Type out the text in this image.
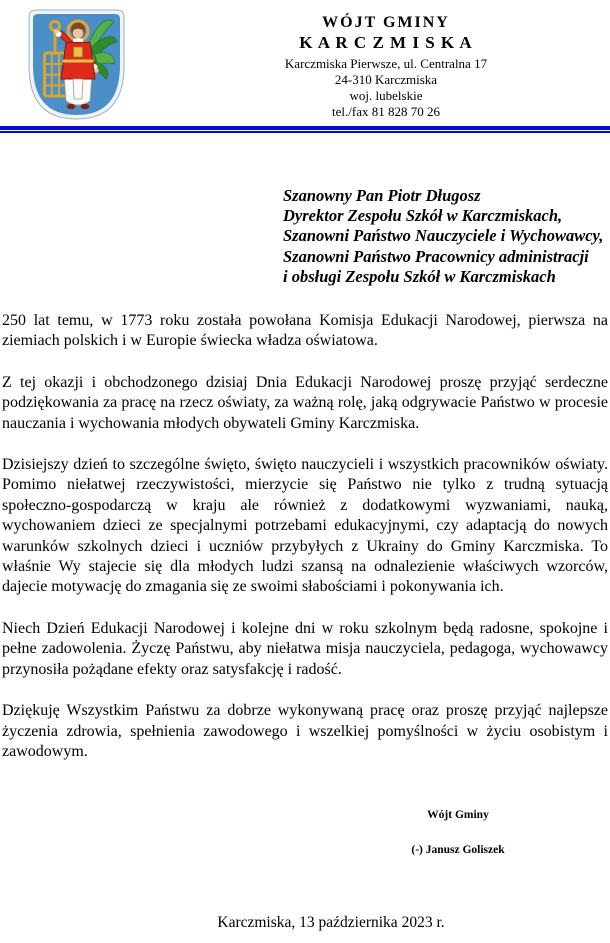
WÓJT GMINY
K A R C Z M I S K A
Karczmiska Pierwsze, ul. Centralna 17
24-310 Karczmiska
woj. lubelskie
tel./fax 81 828 70 26
Szanowny Pan Piotr Długosz
Dyrektor Zespołu Szkół w Karczmiskach,
Szanowni Państwo Nauczyciele i Wychowawcy,
Szanowni Państwo Pracownicy administracji
i obsługi Zespołu Szkół w Karczmiskach

250 lat temu, w 1773 roku została powołana Komisja Edukacji Narodowej, pierwsza na ziemiach polskich i w Europie świecka władza oświatowa.

Z tej okazji i obchodzonego dzisiaj Dnia Edukacji Narodowej proszę przyjąć serdeczne podziękowania za pracę na rzecz oświaty, za ważną rolę, jaką odgrywacie Państwo w procesie nauczania i wychowania młodych obywateli Gminy Karczmiska.

Dzisiejszy dzień to szczególne święto, święto nauczycieli i wszystkich pracowników oświaty. Pomimo niełatwej rzeczywistości, mierzycie się Państwo nie tylko z trudną sytuacją społeczno-gospodarczą w kraju ale również z dodatkowymi wyzwaniami, nauką, wychowaniem dzieci ze specjalnymi potrzebami edukacyjnymi, czy adaptacją do nowych warunków szkolnych dzieci i uczniów przybyłych z Ukrainy do Gminy Karczmiska. To właśnie Wy stajecie się dla młodych ludzi szansą na odnalezienie właściwych wzorców, dajecie motywację do zmagania się ze swoimi słabościami i pokonywania ich.

Niech Dzień Edukacji Narodowej i kolejne dni w roku szkolnym będą radosne, spokojne i pełne zadowolenia. Życzę Państwu, aby niełatwa misja nauczyciela, pedagoga, wychowawcy przynosiła pożądane efekty oraz satysfakcję i radość.

Dziękuję Wszystkim Państwu za dobrze wykonywaną pracę oraz proszę przyjąć najlepsze życzenia zdrowia, spełnienia zawodowego i wszelkiej pomyślności w życiu osobistym i zawodowym.

Wójt Gminy
(-) Janusz Goliszek
Karczmiska, 13 października 2023 r.
